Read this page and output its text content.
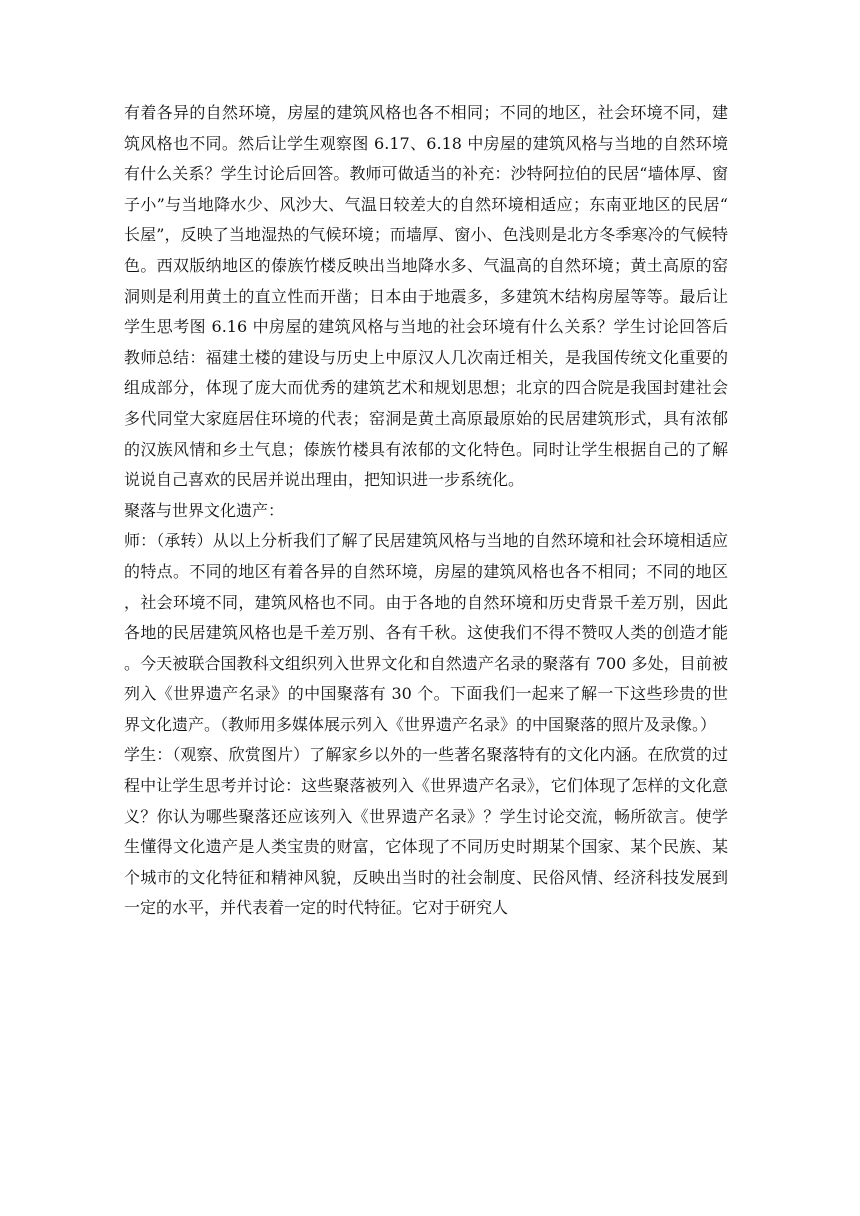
有着各异的自然环境，房屋的建筑风格也各不相同；不同的地区，社会环境不同，建筑风格也不同。然后让学生观察图 6.17、6.18 中房屋的建筑风格与当地的自然环境有什么关系？学生讨论后回答。教师可做适当的补充：沙特阿拉伯的民居“墙体厚、窗子小”与当地降水少、风沙大、气温日较差大的自然环境相适应；东南亚地区的民居“长屋”，反映了当地湿热的气候环境；而墙厚、窗小、色浅则是北方冬季寒冷的气候特色。西双版纳地区的傣族竹楼反映出当地降水多、气温高的自然环境；黄土高原的窑洞则是利用黄土的直立性而开凿；日本由于地震多，多建筑木结构房屋等等。最后让学生思考图 6.16 中房屋的建筑风格与当地的社会环境有什么关系？学生讨论回答后教师总结：福建土楼的建设与历史上中原汉人几次南迁相关，是我国传统文化重要的组成部分，体现了庞大而优秀的建筑艺术和规划思想；北京的四合院是我国封建社会多代同堂大家庭居住环境的代表；窑洞是黄土高原最原始的民居建筑形式，具有浓郁的汉族风情和乡土气息；傣族竹楼具有浓郁的文化特色。同时让学生根据自己的了解说说自己喜欢的民居并说出理由，把知识进一步系统化。

聚落与世界文化遗产：

师：（承转）从以上分析我们了解了民居建筑风格与当地的自然环境和社会环境相适应的特点。不同的地区有着各异的自然环境，房屋的建筑风格也各不相同；不同的地区，社会环境不同，建筑风格也不同。由于各地的自然环境和历史背景千差万别，因此各地的民居建筑风格也是千差万别、各有千秋。这使我们不得不赞叹人类的创造才能。今天被联合国教科文组织列入世界文化和自然遗产名录的聚落有 700 多处，目前被列入《世界遗产名录》的中国聚落有 30 个。下面我们一起来了解一下这些珍贵的世界文化遗产。（教师用多媒体展示列入《世界遗产名录》的中国聚落的照片及录像。）

学生：（观察、欣赏图片）了解家乡以外的一些著名聚落特有的文化内涵。在欣赏的过程中让学生思考并讨论：这些聚落被列入《世界遗产名录》，它们体现了怎样的文化意义？你认为哪些聚落还应该列入《世界遗产名录》？学生讨论交流，畅所欲言。使学生懂得文化遗产是人类宝贵的财富，它体现了不同历史时期某个国家、某个民族、某个城市的文化特征和精神风貌，反映出当时的社会制度、民俗风情、经济科技发展到一定的水平，并代表着一定的时代特征。它对于研究人
